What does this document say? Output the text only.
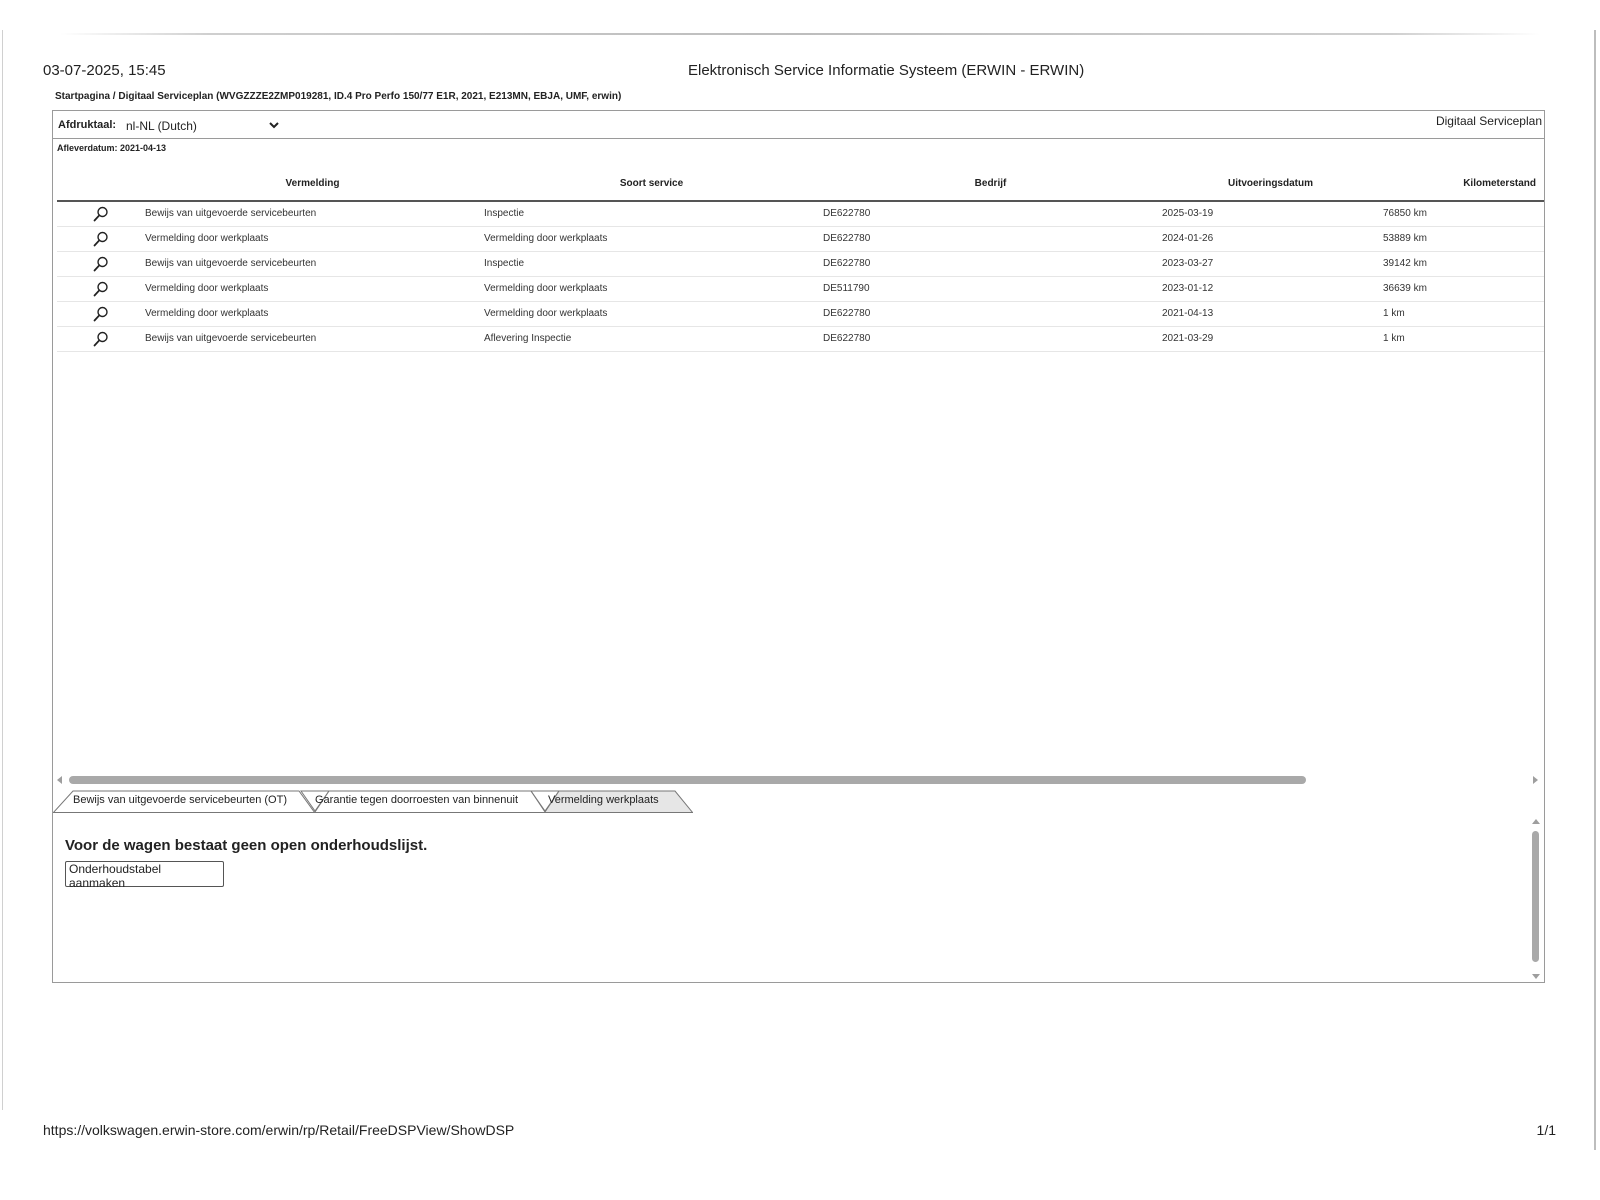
03-07-2025, 15:45	Elektronisch Service Informatie Systeem (ERWIN - ERWIN)
Startpagina / Digitaal Serviceplan (WVGZZZE2ZMP019281, ID.4 Pro Perfo 150/77 E1R, 2021, E213MN, EBJA, UMF, erwin)
Afdruktaal: nl-NL (Dutch)	Digitaal Serviceplan
Afleverdatum: 2021-04-13
	Vermelding	Soort service	Bedrijf	Uitvoeringsdatum	Kilometerstand
	Bewijs van uitgevoerde servicebeurten	Inspectie	DE622780	2025-03-19	76850 km
	Vermelding door werkplaats	Vermelding door werkplaats	DE622780	2024-01-26	53889 km
	Bewijs van uitgevoerde servicebeurten	Inspectie	DE622780	2023-03-27	39142 km
	Vermelding door werkplaats	Vermelding door werkplaats	DE511790	2023-01-12	36639 km
	Vermelding door werkplaats	Vermelding door werkplaats	DE622780	2021-04-13	1 km
	Bewijs van uitgevoerde servicebeurten	Aflevering Inspectie	DE622780	2021-03-29	1 km
Bewijs van uitgevoerde servicebeurten (OT)	Garantie tegen doorroesten van binnenuit	Vermelding werkplaats
Voor de wagen bestaat geen open onderhoudslijst.
Onderhoudstabel aanmaken
https://volkswagen.erwin-store.com/erwin/rp/Retail/FreeDSPView/ShowDSP	1/1
